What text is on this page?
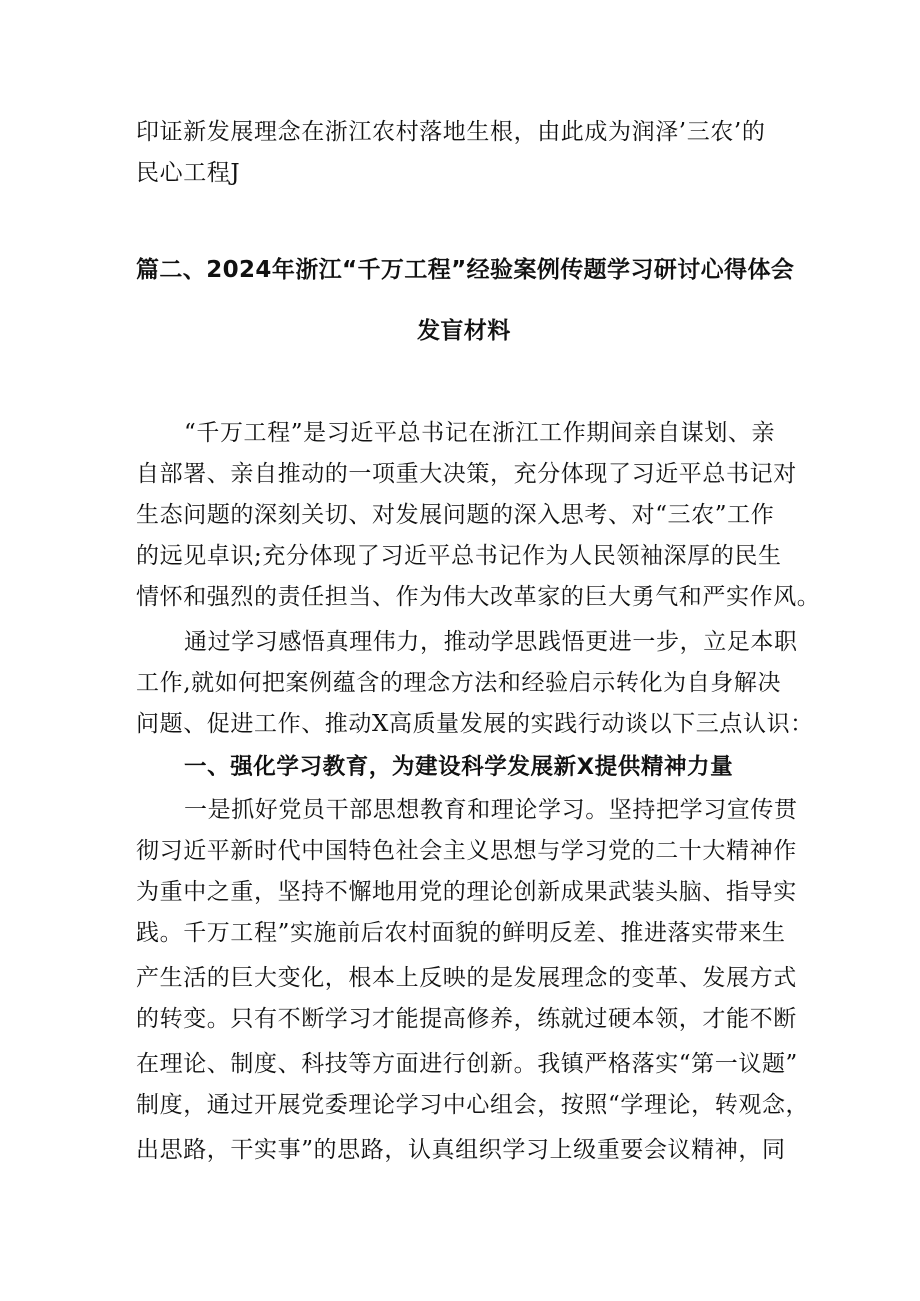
印证新发展理念在浙江农村落地生根，由此成为润泽’三农’的
民心工程J
篇二、2024年浙江“千万工程”经验案例传题学习研讨心得体会
发盲材料
“千万工程”是习近平总书记在浙江工作期间亲自谋划、亲
自部署、亲自推动的一项重大决策，充分体现了习近平总书记对
生态问题的深刻关切、对发展问题的深入思考、对“三农”工作
的远见卓识;充分体现了习近平总书记作为人民领袖深厚的民生
情怀和强烈的责任担当、作为伟大改革家的巨大勇气和严实作风。
通过学习感悟真理伟力，推动学思践悟更进一步，立足本职
工作,就如何把案例蕴含的理念方法和经验启示转化为自身解决
问题、促进工作、推动X高质量发展的实践行动谈以下三点认识：
一、强化学习教育，为建设科学发展新X提供精神力量
一是抓好党员干部思想教育和理论学习。坚持把学习宣传贯
彻习近平新时代中国特色社会主义思想与学习党的二十大精神作
为重中之重，坚持不懈地用党的理论创新成果武装头脑、指导实
践。千万工程”实施前后农村面貌的鲜明反差、推进落实带来生
产生活的巨大变化，根本上反映的是发展理念的变革、发展方式
的转变。只有不断学习才能提高修养，练就过硬本领，才能不断
在理论、制度、科技等方面进行创新。我镇严格落实“第一议题”
制度，通过开展党委理论学习中心组会，按照“学理论，转观念，
出思路，干实事”的思路，认真组织学习上级重要会议精神，同
